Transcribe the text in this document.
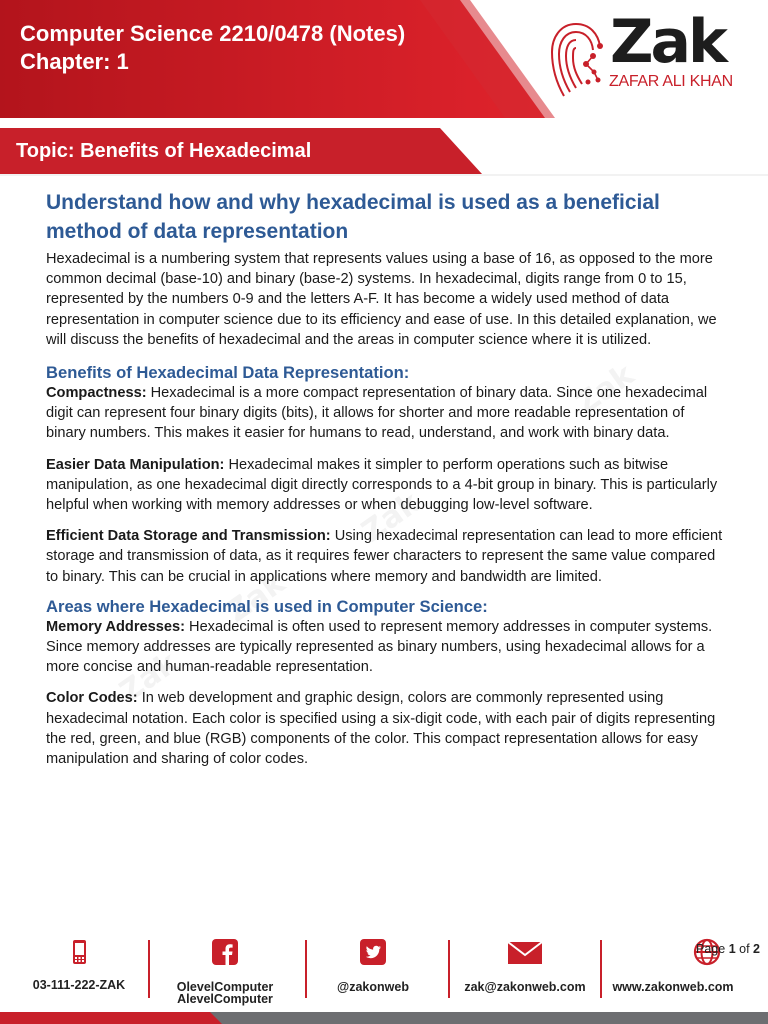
Computer Science 2210/0478 (Notes)
Chapter: 1	Zak
ZAFAR ALI KHAN
Topic: Benefits of Hexadecimal
Zak
Zak
Zak
Zak
Understand how and why hexadecimal is used as a beneficial method of data representation

Hexadecimal is a numbering system that represents values using a base of 16, as opposed to the more common decimal (base-10) and binary (base-2) systems. In hexadecimal, digits range from 0 to 15, represented by the numbers 0-9 and the letters A-F. It has become a widely used method of data representation in computer science due to its efficiency and ease of use. In this detailed explanation, we will discuss the benefits of hexadecimal and the areas in computer science where it is utilized.

Benefits of Hexadecimal Data Representation:
Compactness: Hexadecimal is a more compact representation of binary data. Since one hexadecimal digit can represent four binary digits (bits), it allows for shorter and more readable representation of binary numbers. This makes it easier for humans to read, understand, and work with binary data.
Easier Data Manipulation: Hexadecimal makes it simpler to perform operations such as bitwise manipulation, as one hexadecimal digit directly corresponds to a 4-bit group in binary. This is particularly helpful when working with memory addresses or when debugging low-level software.
Efficient Data Storage and Transmission: Using hexadecimal representation can lead to more efficient storage and transmission of data, as it requires fewer characters to represent the same value compared to binary. This can be crucial in applications where memory and bandwidth are limited.
Areas where Hexadecimal is used in Computer Science:
Memory Addresses: Hexadecimal is often used to represent memory addresses in computer systems. Since memory addresses are typically represented as binary numbers, using hexadecimal allows for a more concise and human-readable representation.
Color Codes: In web development and graphic design, colors are commonly represented using hexadecimal notation. Each color is specified using a six-digit code, with each pair of digits representing the red, green, and blue (RGB) components of the color. This compact representation allows for easy manipulation and sharing of color codes.
03-111-222-ZAK	OlevelComputer
AlevelComputer
@zakonweb	zak@zakonweb.com	www.zakonweb.com
Page 1 of 2
